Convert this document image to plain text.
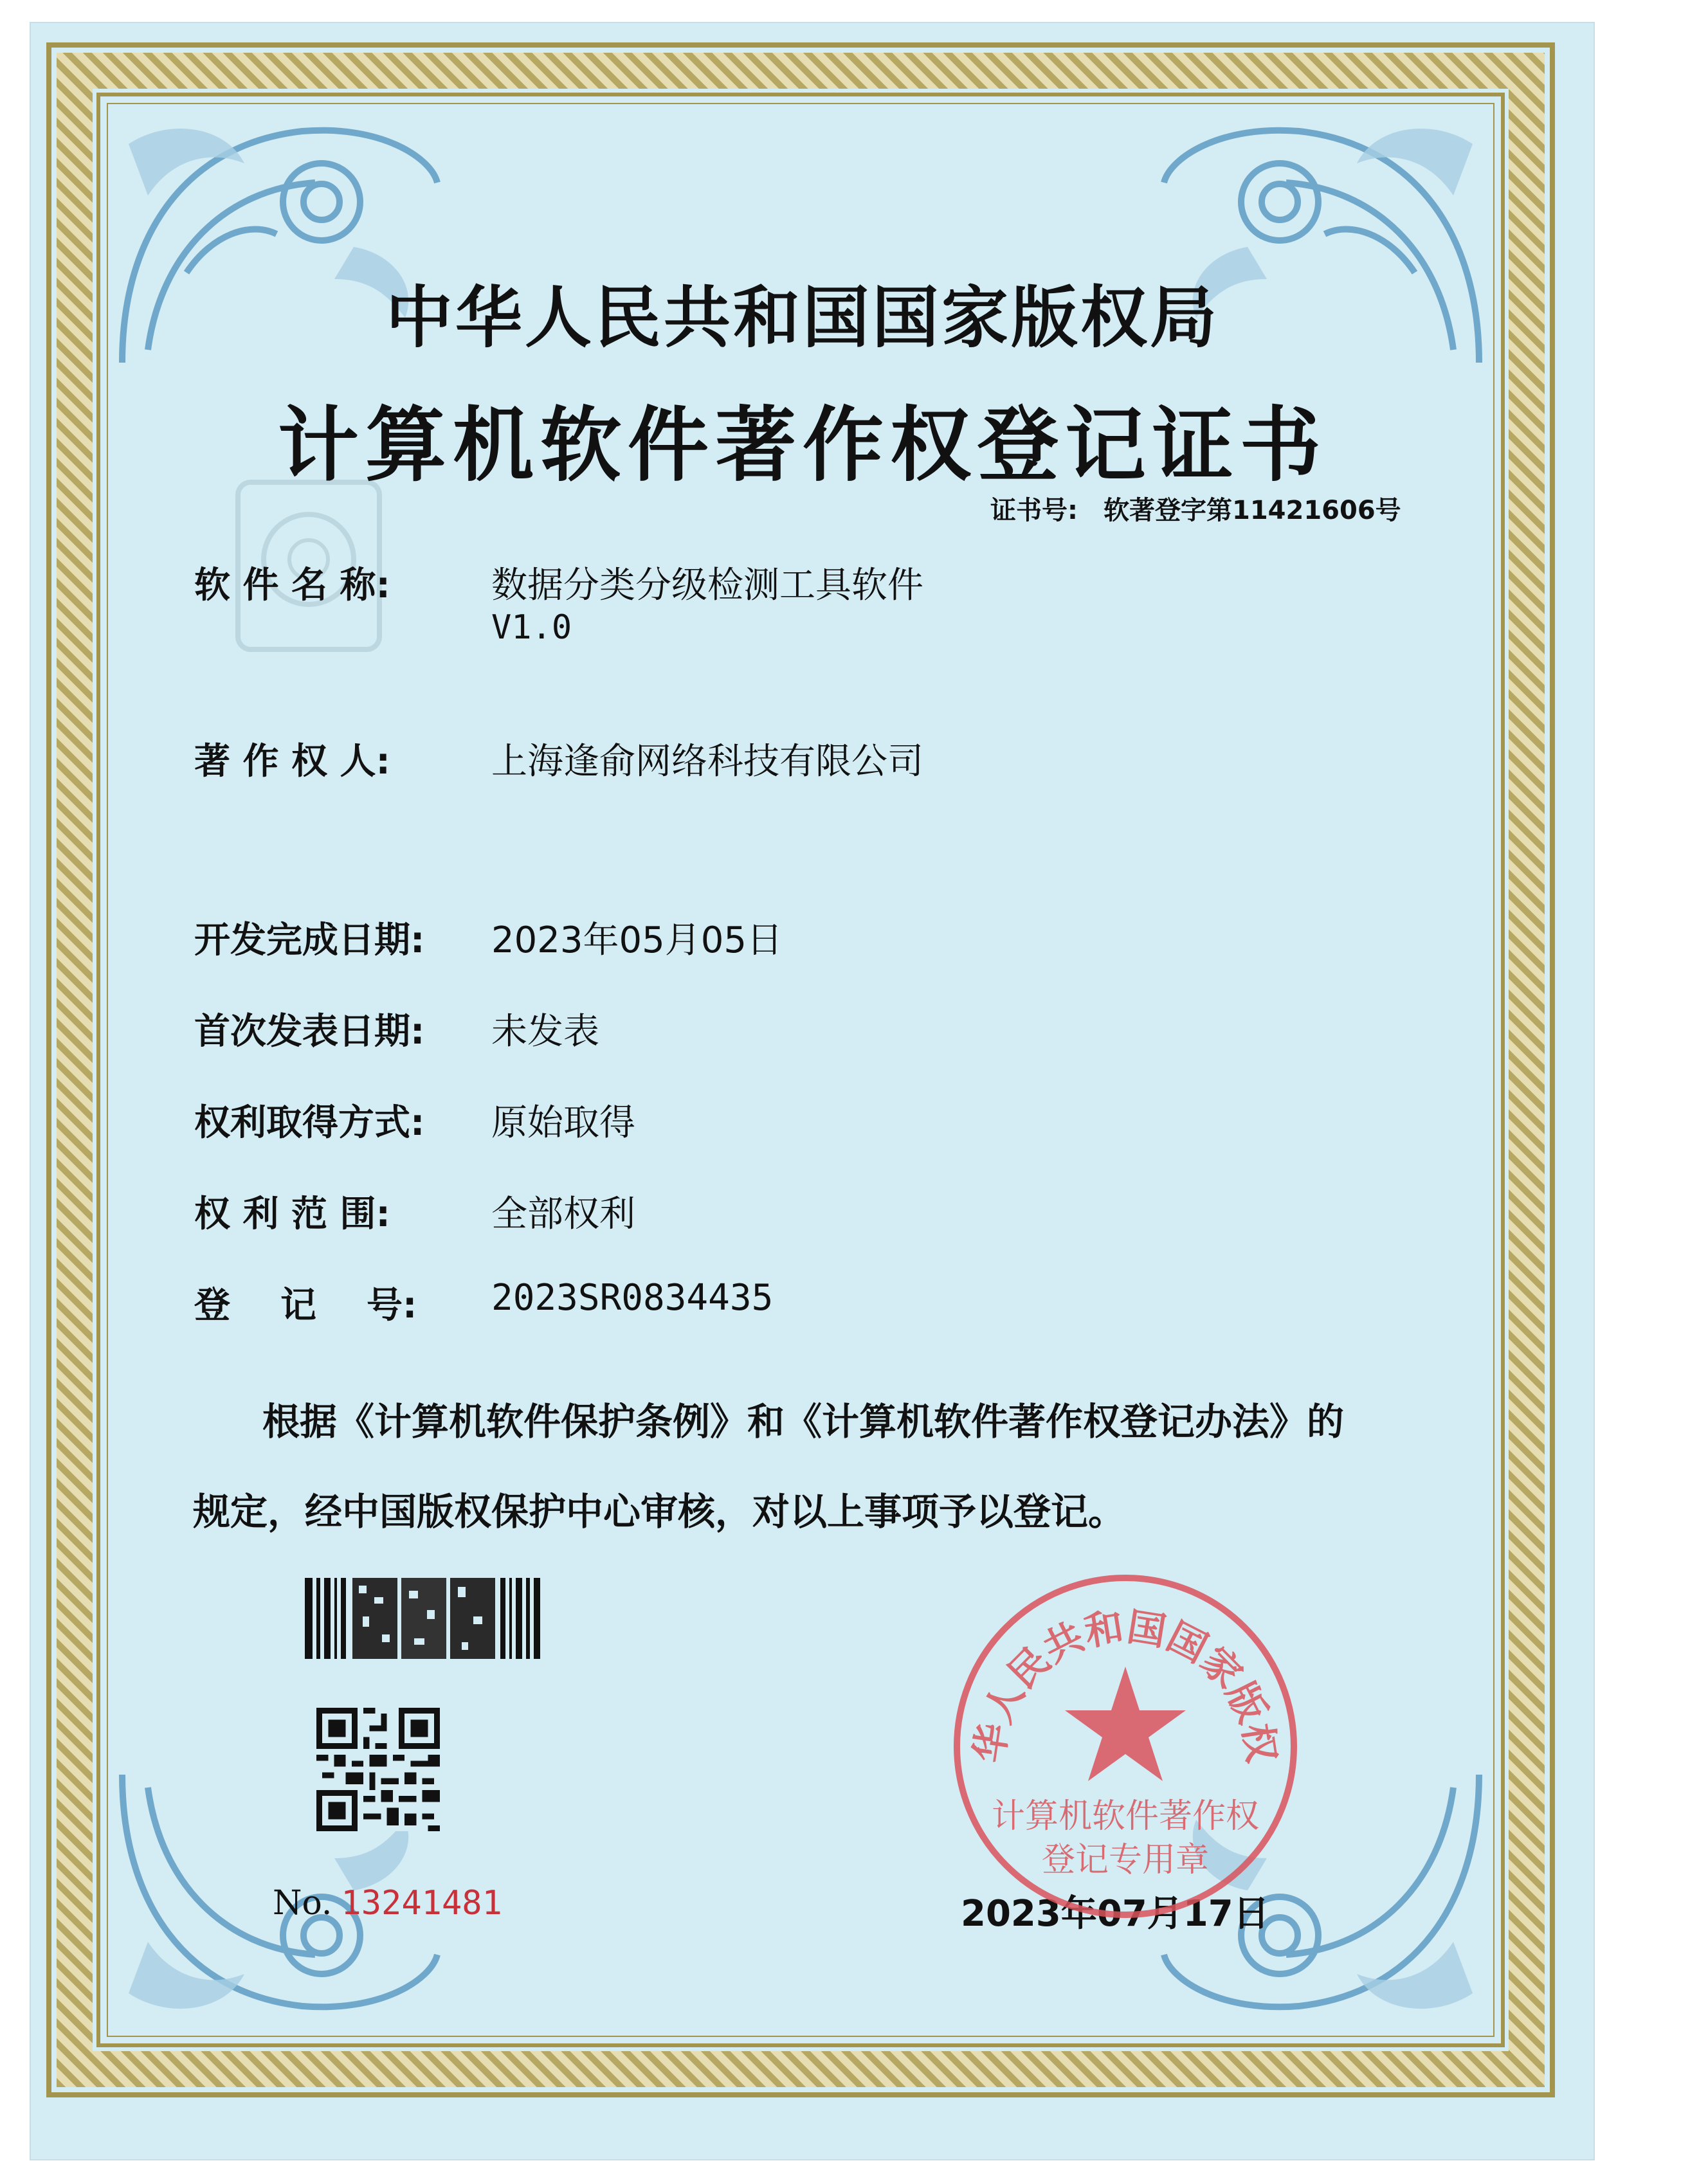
中华人民共和国国家版权局
计算机软件著作权登记证书
证书号: 软著登字第11421606号
软 件 名 称:	数据分类分级检测工具软件
V1.0
著 作 权 人:	上海逢俞网络科技有限公司
开发完成日期: 2023年05月05日
首次发表日期: 未发表
权利取得方式: 原始取得
权 利 范 围:	全部权利
登    记    号: 2023SR0834435
根据《计算机软件保护条例》和《计算机软件著作权登记办法》的
规定，经中国版权保护中心审核，对以上事项予以登记。
No. 13241481	2023年07月17日
华人民共和国国家版权
计算机软件著作权
登记专用章
